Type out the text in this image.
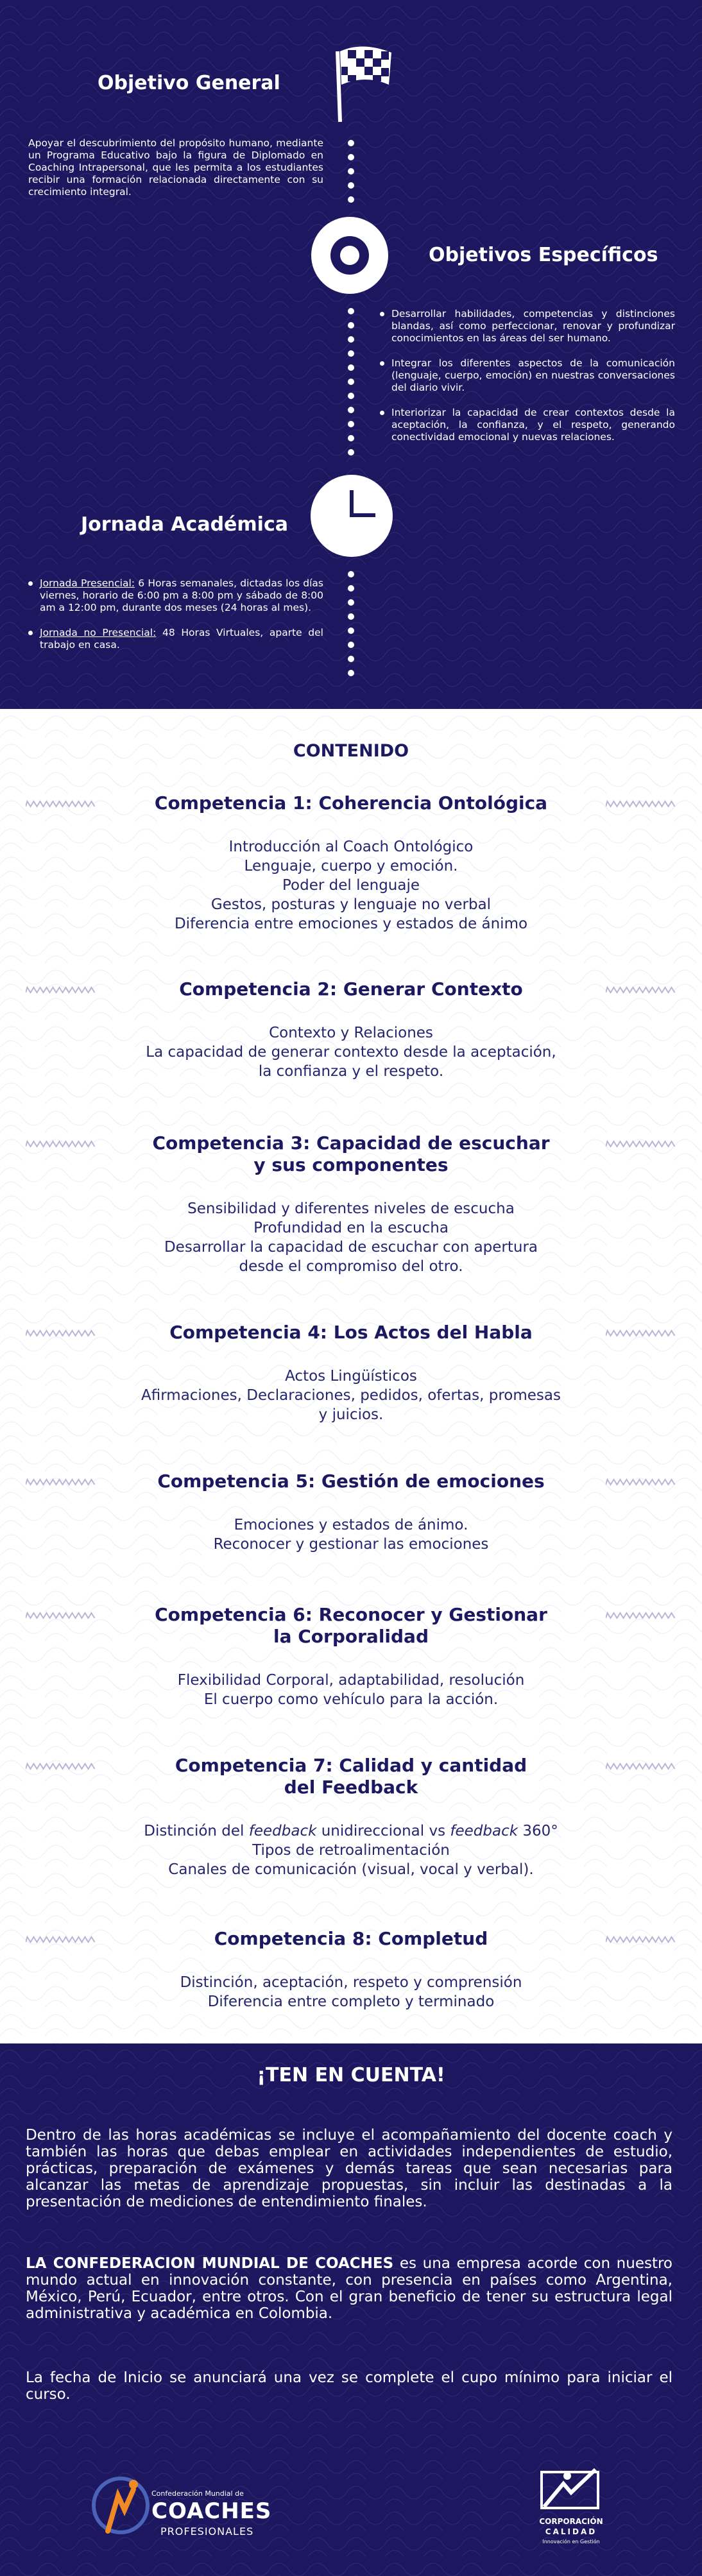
Objetivo General

Apoyar el descubrimiento del propósito humano, mediante un Programa Educativo bajo la figura de Diplomado en Coaching Intrapersonal, que les permita a los estudiantes recibir una formación relacionada directamente con su crecimiento integral.

Objetivos Específicos
Desarrollar habilidades, competencias y distinciones blandas, así como perfeccionar, renovar y profundizar conocimientos en las áreas del ser humano.
Integrar los diferentes aspectos de la comunicación (lenguaje, cuerpo, emoción) en nuestras conversaciones del diario vivir.
Interiorizar la capacidad de crear contextos desde la aceptación, la confianza, y el respeto, generando conectividad emocional y nuevas relaciones.
Jornada Académica
Jornada Presencial: 6 Horas semanales, dictadas los días viernes, horario de 6:00 pm a 8:00 pm y sábado de 8:00 am a 12:00 pm, durante dos meses (24 horas al mes).
Jornada no Presencial: 48 Horas Virtuales, aparte del trabajo en casa.
CONTENIDO
Competencia 1: Coherencia Ontológica
Introducción al Coach Ontológico
Lenguaje, cuerpo y emoción.
Poder del lenguaje
Gestos, posturas y lenguaje no verbal
Diferencia entre emociones y estados de ánimo
Competencia 2: Generar Contexto
Contexto y Relaciones
La capacidad de generar contexto desde la aceptación,
la confianza y el respeto.
Competencia 3: Capacidad de escuchar
y sus componentes
Sensibilidad y diferentes niveles de escucha
Profundidad en la escucha
Desarrollar la capacidad de escuchar con apertura
desde el compromiso del otro.
Competencia 4: Los Actos del Habla
Actos Lingüísticos
Afirmaciones, Declaraciones, pedidos, ofertas, promesas
y juicios.
Competencia 5: Gestión de emociones
Emociones y estados de ánimo.
Reconocer y gestionar las emociones
Competencia 6: Reconocer y Gestionar
la Corporalidad
Flexibilidad Corporal, adaptabilidad, resolución
El cuerpo como vehículo para la acción.
Competencia 7: Calidad y cantidad
del Feedback
Distinción del feedback unidireccional vs feedback 360°
Tipos de retroalimentación
Canales de comunicación (visual, vocal y verbal).
Competencia 8: Completud
Distinción, aceptación, respeto y comprensión
Diferencia entre completo y terminado
¡TEN EN CUENTA!

Dentro de las horas académicas se incluye el acompañamiento del docente coach y también las horas que debas emplear en actividades independientes de estudio, prácticas, preparación de exámenes y demás tareas que sean necesarias para alcanzar las metas de aprendizaje propuestas, sin incluir las destinadas a la presentación de mediciones de entendimiento finales.

LA CONFEDERACION MUNDIAL DE COACHES es una empresa acorde con nuestro mundo actual en innovación constante, con presencia en países como Argentina, México, Perú, Ecuador, entre otros. Con el gran beneficio de tener su estructura legal administrativa y académica en Colombia.

La fecha de Inicio se anunciará una vez se complete el cupo mínimo para iniciar el curso.

Confederación Mundial de
COACHES
PROFESIONALES
CORPORACIÓN
CALIDAD
Innovación en Gestión
